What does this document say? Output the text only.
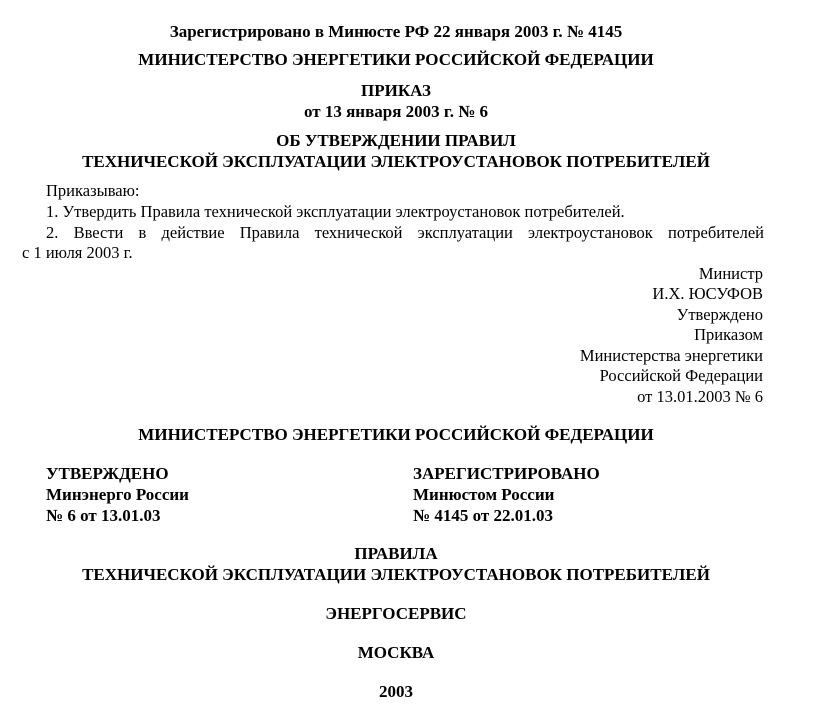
Зарегистрировано в Минюсте РФ 22 января 2003 г. № 4145
МИНИСТЕРСТВО ЭНЕРГЕТИКИ РОССИЙСКОЙ ФЕДЕРАЦИИ
ПРИКАЗ
от 13 января 2003 г. № 6
ОБ УТВЕРЖДЕНИИ ПРАВИЛ
ТЕХНИЧЕСКОЙ ЭКСПЛУАТАЦИИ ЭЛЕКТРОУСТАНОВОК ПОТРЕБИТЕЛЕЙ
Приказываю:
1. Утвердить Правила технической эксплуатации электроустановок потребителей.
2. Ввести в действие Правила технической эксплуатации электроустановок потребителей
с 1 июля 2003 г.
Министр
И.Х. ЮСУФОВ
Утверждено
Приказом
Министерства энергетики
Российской Федерации
от 13.01.2003 № 6
МИНИСТЕРСТВО ЭНЕРГЕТИКИ РОССИЙСКОЙ ФЕДЕРАЦИИ
УТВЕРЖДЕНО
Минэнерго России
№ 6 от 13.01.03
ЗАРЕГИСТРИРОВАНО
Минюстом России
№ 4145 от 22.01.03
ПРАВИЛА
ТЕХНИЧЕСКОЙ ЭКСПЛУАТАЦИИ ЭЛЕКТРОУСТАНОВОК ПОТРЕБИТЕЛЕЙ
ЭНЕРГОСЕРВИС
МОСКВА
2003
